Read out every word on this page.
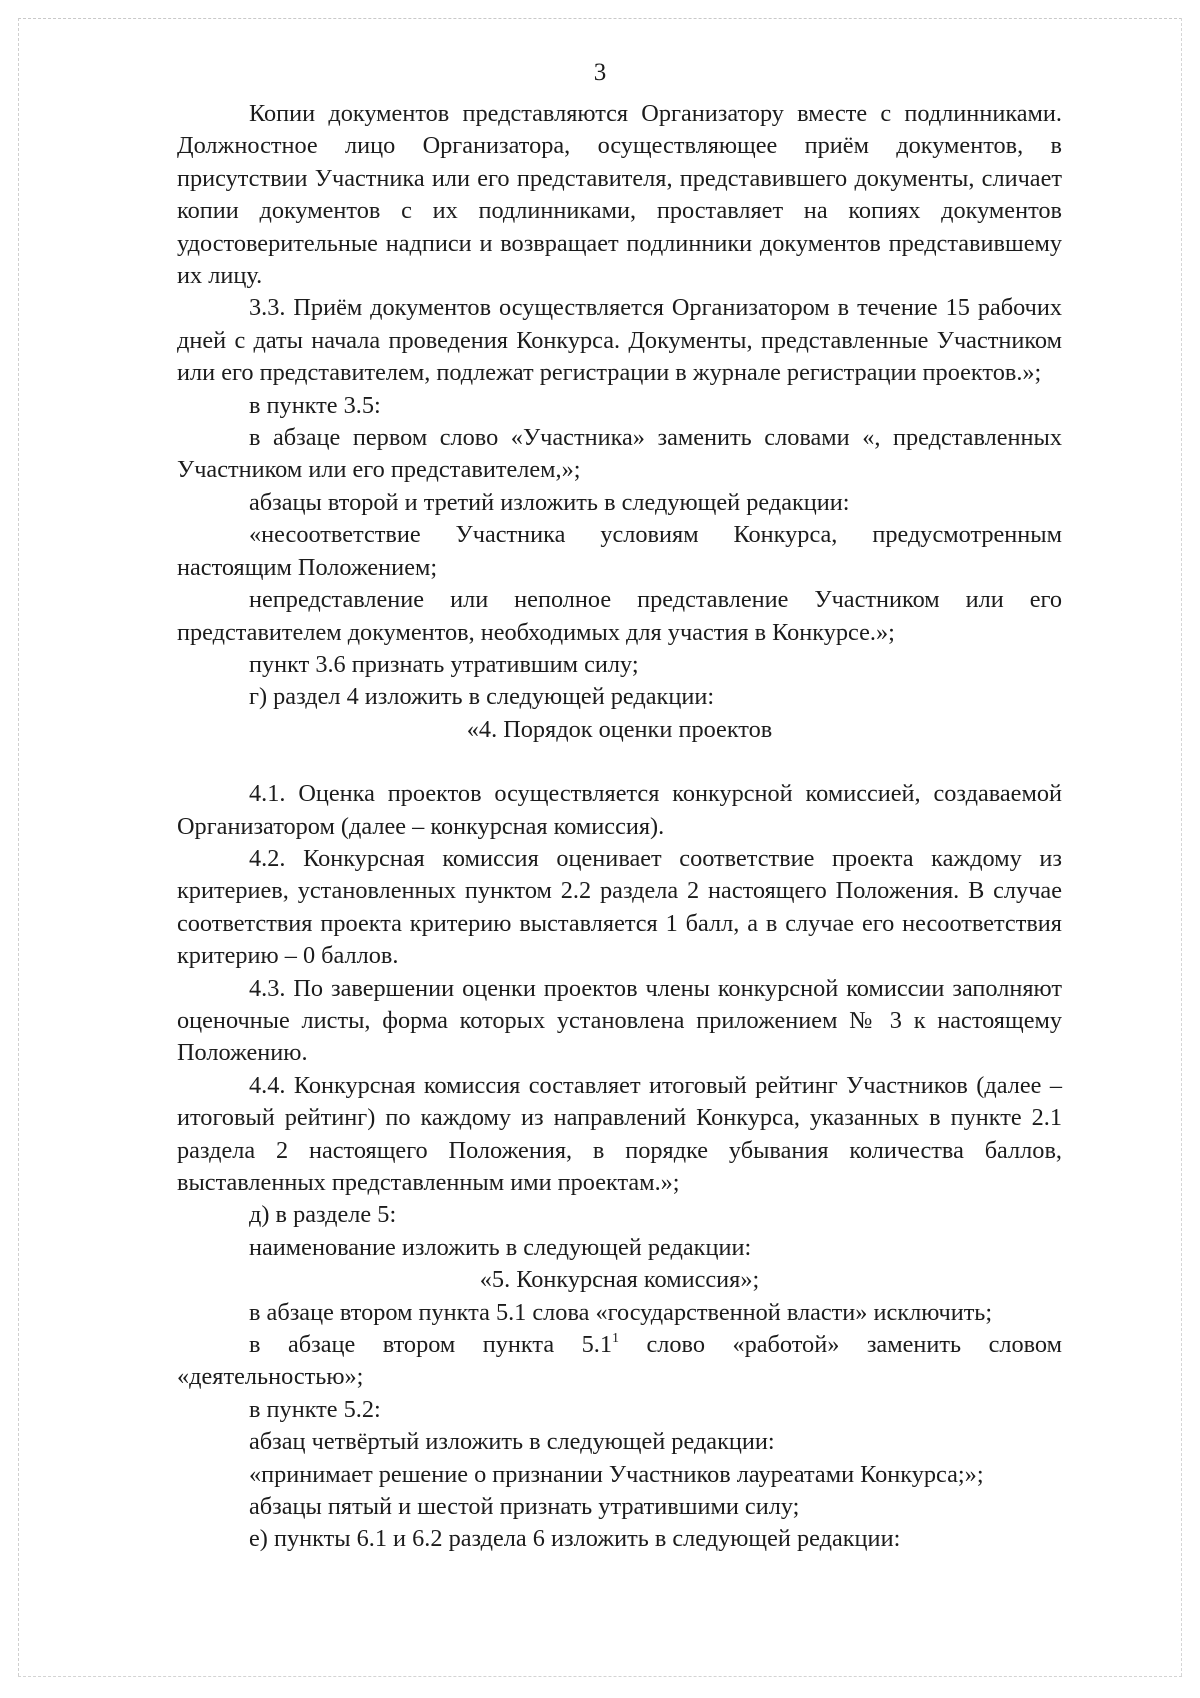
3

Копии документов представляются Организатору вместе с подлинниками. Должностное лицо Организатора, осуществляющее приём документов, в присутствии Участника или его представителя, представившего документы, сличает копии документов с их подлинниками, проставляет на копиях документов удостоверительные надписи и возвращает подлинники документов представившему их лицу.

3.3. Приём документов осуществляется Организатором в течение 15 рабочих дней с даты начала проведения Конкурса. Документы, представленные Участником или его представителем, подлежат регистрации в журнале регистрации проектов.»;

в пункте 3.5:

в абзаце первом слово «Участника» заменить словами «, представленных Участником или его представителем,»;

абзацы второй и третий изложить в следующей редакции:

«несоответствие Участника условиям Конкурса, предусмотренным настоящим Положением;

непредставление или неполное представление Участником или его представителем документов, необходимых для участия в Конкурсе.»;

пункт 3.6 признать утратившим силу;

г) раздел 4 изложить в следующей редакции:

«4. Порядок оценки проектов

4.1. Оценка проектов осуществляется конкурсной комиссией, создаваемой Организатором (далее – конкурсная комиссия).

4.2. Конкурсная комиссия оценивает соответствие проекта каждому из критериев, установленных пунктом 2.2 раздела 2 настоящего Положения. В случае соответствия проекта критерию выставляется 1 балл, а в случае его несоответствия критерию – 0 баллов.

4.3. По завершении оценки проектов члены конкурсной комиссии заполняют оценочные листы, форма которых установлена приложением № 3 к настоящему Положению.

4.4. Конкурсная комиссия составляет итоговый рейтинг Участников (далее – итоговый рейтинг) по каждому из направлений Конкурса, указанных в пункте 2.1 раздела 2 настоящего Положения, в порядке убывания количества баллов, выставленных представленным ими проектам.»;

д) в разделе 5:

наименование изложить в следующей редакции:

«5. Конкурсная комиссия»;

в абзаце втором пункта 5.1 слова «государственной власти» исключить;

в абзаце втором пункта $5.1^1$ слово «работой» заменить словом «деятельностью»;

в пункте 5.2:

абзац четвёртый изложить в следующей редакции:

«принимает решение о признании Участников лауреатами Конкурса;»;

абзацы пятый и шестой признать утратившими силу;

е) пункты 6.1 и 6.2 раздела 6 изложить в следующей редакции:
